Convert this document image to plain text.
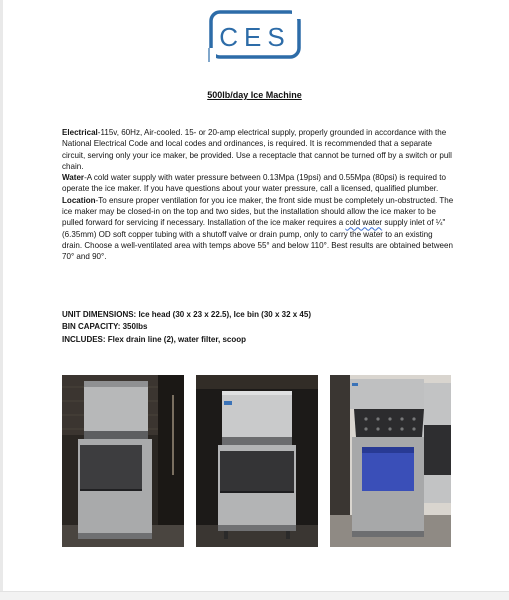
CES
500lb/day Ice Machine

Electrical-115v, 60Hz, Air-cooled. 15- or 20-amp electrical supply, properly grounded in accordance with the National Electrical Code and local codes and ordinances, is required. It is recommended that a separate circuit, serving only your ice maker, be provided. Use a receptacle that cannot be turned off by a switch or pull chain.

Water-A cold water supply with water pressure between 0.13Mpa (19psi) and 0.55Mpa (80psi) is required to operate the ice maker. If you have questions about your water pressure, call a licensed, qualified plumber.

Location-To ensure proper ventilation for you ice maker, the front side must be completely un-obstructed. The ice maker may be closed-in on the top and two sides, but the installation should allow the ice maker to be pulled forward for servicing if necessary. Installation of the ice maker requires a cold water supply inlet of ¼" (6.35mm) OD soft copper tubing with a shutoff valve or drain pump, only to carry the water to an existing drain. Choose a well-ventilated area with temps above 55° and below 110°. Best results are obtained between 70° and 90°.

UNIT DIMENSIONS: Ice head (30 x 23 x 22.5), Ice bin (30 x 32 x 45)
BIN CAPACITY: 350lbs
INCLUDES: Flex drain line (2), water filter, scoop
